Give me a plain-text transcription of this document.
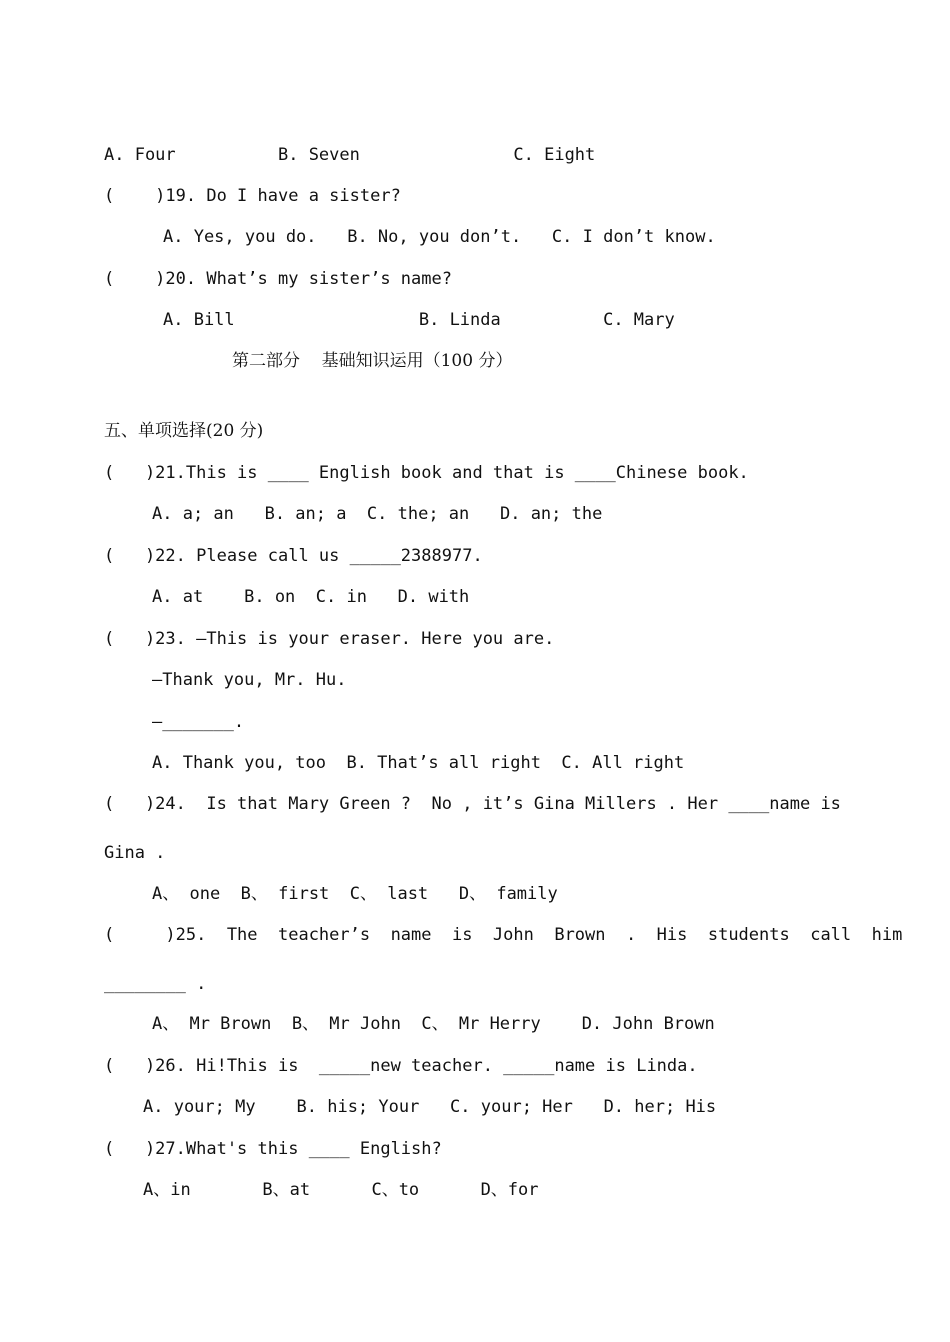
A. Four          B. Seven               C. Eight
(    )19. Do I have a sister?
A. Yes, you do.   B. No, you don’t.   C. I don’t know.
(    )20. What’s my sister’s name?
A. Bill                  B. Linda          C. Mary
第二部分    基础知识运用（100 分）
五、单项选择(20 分)
(   )21.This is ____ English book and that is ____Chinese book.
A. a; an   B. an; a  C. the; an   D. an; the
(   )22. Please call us _____2388977.
A. at    B. on  C. in   D. with
(   )23. —This is your eraser. Here you are.
—Thank you, Mr. Hu.
—_______.
A. Thank you, too  B. That’s all right  C. All right
(   )24.  Is that Mary Green ?  No , it’s Gina Millers . Her ____name is
Gina .
A、 one  B、 first  C、 last   D、 family
(     )25.  The  teacher’s  name  is  John  Brown  .  His  students  call  him
________ .
A、 Mr Brown  B、 Mr John  C、 Mr Herry    D. John Brown
(   )26. Hi!This is  _____new teacher. _____name is Linda.
A. your; My    B. his; Your   C. your; Her   D. her; His
(   )27.What's this ____ English?
A、in       B、at      C、to      D、for
